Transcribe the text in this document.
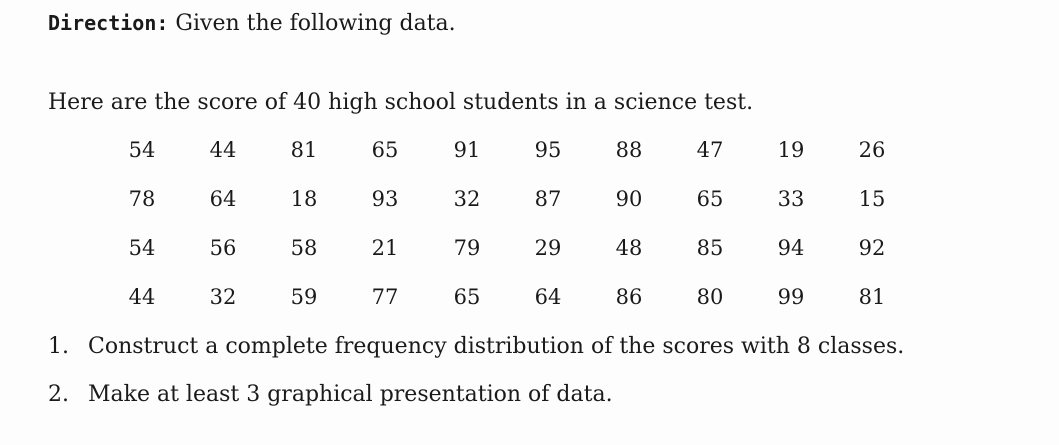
Direction: Given the following data.
Here are the score of 40 high school students in a science test.
54	44	81	65	91	95	88	47	19	26
78	64	18	93	32	87	90	65	33	15
54	56	58	21	79	29	48	85	94	92
44	32	59	77	65	64	86	80	99	81
1. Construct a complete frequency distribution of the scores with 8 classes.
2. Make at least 3 graphical presentation of data.
